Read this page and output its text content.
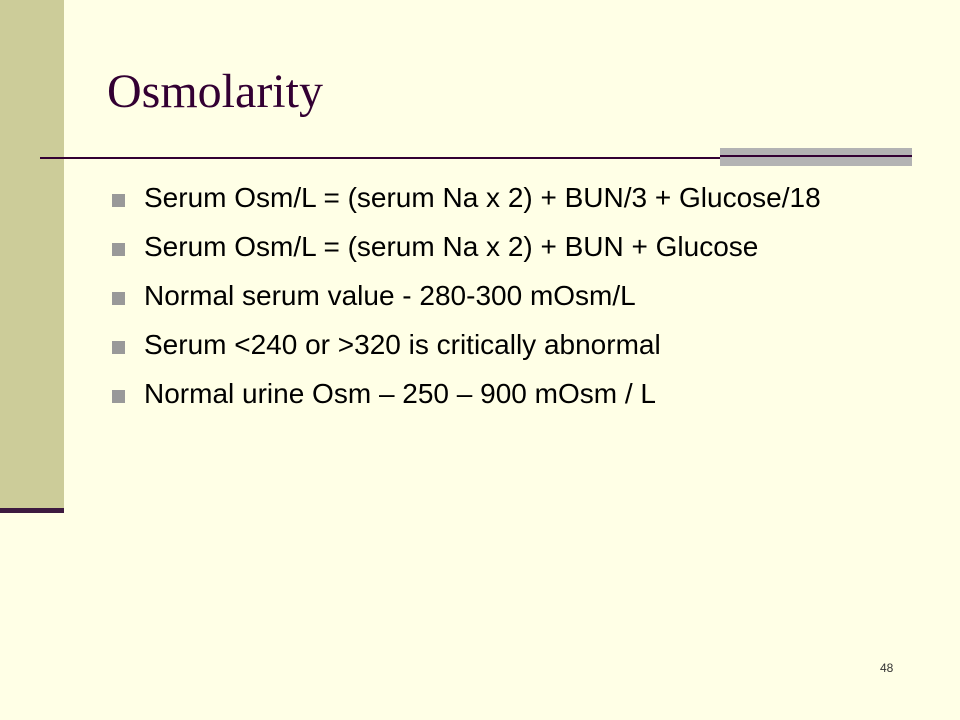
Osmolarity
Serum Osm/L = (serum Na x 2) + BUN/3 + Glucose/18
Serum Osm/L = (serum Na x 2) + BUN + Glucose
Normal serum value - 280-300 mOsm/L
Serum <240 or >320 is critically abnormal
Normal urine Osm – 250 – 900 mOsm / L
48
